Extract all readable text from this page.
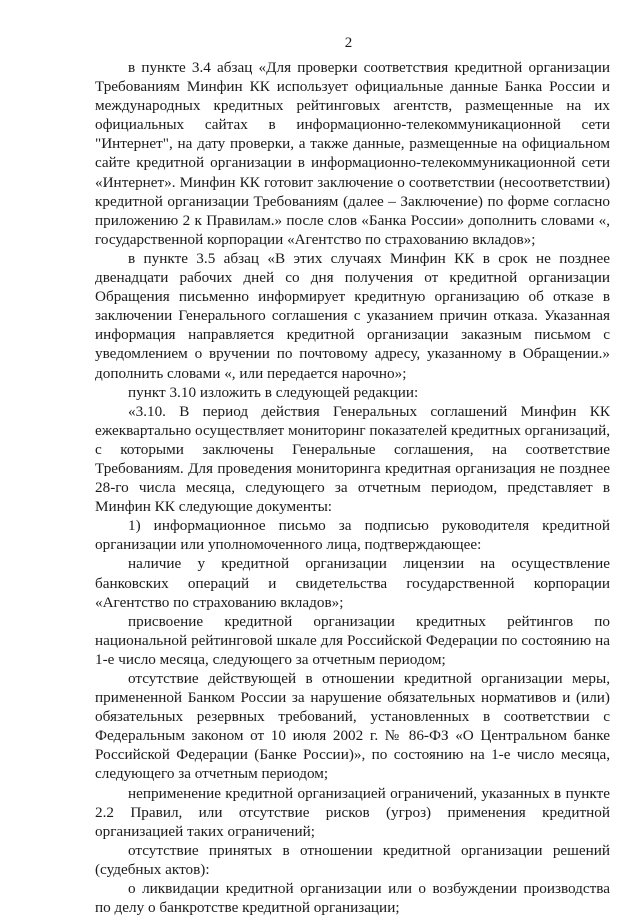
2

в пункте 3.4 абзац «Для проверки соответствия кредитной организации Требованиям Минфин КК использует официальные данные Банка России и международных кредитных рейтинговых агентств, размещенные на их официальных сайтах в информационно-телекоммуникационной сети "Интернет", на дату проверки, а также данные, размещенные на официальном сайте кредитной организации в информационно-телекоммуникационной сети «Интернет». Минфин КК готовит заключение о соответствии (несоответствии) кредитной организации Требованиям (далее – Заключение) по форме согласно приложению 2 к Правилам.» после слов «Банка России» дополнить словами «, государственной корпорации «Агентство по страхованию вкладов»;

в пункте 3.5 абзац «В этих случаях Минфин КК в срок не позднее двенадцати рабочих дней со дня получения от кредитной организации Обращения письменно информирует кредитную организацию об отказе в заключении Генерального соглашения с указанием причин отказа. Указанная информация направляется кредитной организации заказным письмом с уведомлением о вручении по почтовому адресу, указанному в Обращении.» дополнить словами «, или передается нарочно»;

пункт 3.10 изложить в следующей редакции:

«3.10. В период действия Генеральных соглашений Минфин КК ежеквартально осуществляет мониторинг показателей кредитных организаций, с которыми заключены Генеральные соглашения, на соответствие Требованиям. Для проведения мониторинга кредитная организация не позднее 28-го числа месяца, следующего за отчетным периодом, представляет в Минфин КК следующие документы:

1) информационное письмо за подписью руководителя кредитной организации или уполномоченного лица, подтверждающее:

наличие у кредитной организации лицензии на осуществление банковских операций и свидетельства государственной корпорации «Агентство по страхованию вкладов»;

присвоение кредитной организации кредитных рейтингов по национальной рейтинговой шкале для Российской Федерации по состоянию на 1-е число месяца, следующего за отчетным периодом;

отсутствие действующей в отношении кредитной организации меры, примененной Банком России за нарушение обязательных нормативов и (или) обязательных резервных требований, установленных в соответствии с Федеральным законом от 10 июля 2002 г. № 86-ФЗ «О Центральном банке Российской Федерации (Банке России)», по состоянию на 1-е число месяца, следующего за отчетным периодом;

неприменение кредитной организацией ограничений, указанных в пункте 2.2 Правил, или отсутствие рисков (угроз) применения кредитной организацией таких ограничений;

отсутствие принятых в отношении кредитной организации решений (судебных актов):

о ликвидации кредитной организации или о возбуждении производства по делу о банкротстве кредитной организации;
